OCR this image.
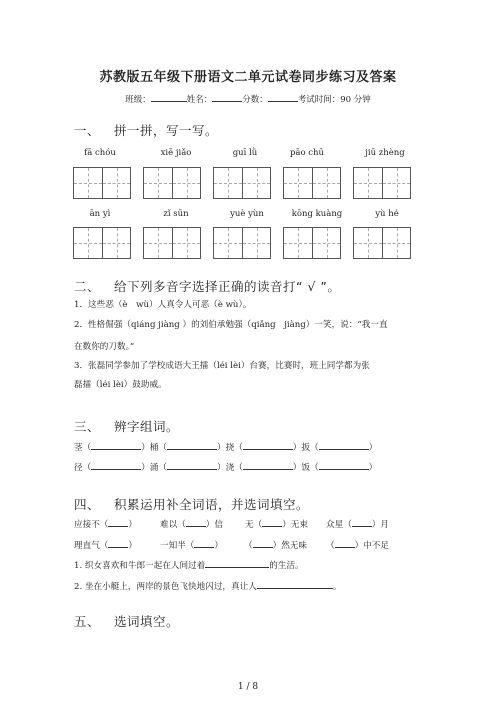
苏教版五年级下册语文二单元试卷同步练习及答案
班级：	姓名：	分数：	考试时间：90 分钟
一、 拼一拼，写一写。
fā chóu	xiē jiǎo	guī lǜ	pāo chū	jiū zhèng
ān yì	zǐ sūn	yuè yùn	kōng kuàng	yù hé
二、 给下列多音字选择正确的读音打“ √ ”。
1．这些恶（è　wù）人真令人可恶（è wù）。
2．性格倔强（qiáng jiàng ）的刘伯承勉强（qiǎng　jiàng）一笑，说：“我一直
在数你的刀数。”
3．张磊同学参加了学校成语大王擂（léi lèi）台赛，比赛时，班上同学都为张
磊擂（léi lèi）鼓助威。
三、 辨字组词。
茎（	）桶（	）挠（	）扳（	）
径（	）涌（	）浇（	）饭（	）
四、 积累运用补全词语，并选词填空。
应接不（ ）	难以（ ）信	无（ ）无束 众星（ ）月
理直气（ ）	一知半（ ） （ ）然无味 （ ）中不足
1. 织女喜欢和牛郎一起在人间过着	的生活。
2. 坐在小艇上，两岸的景色飞快地闪过，真让人	。
五、 选词填空。
1 / 8
